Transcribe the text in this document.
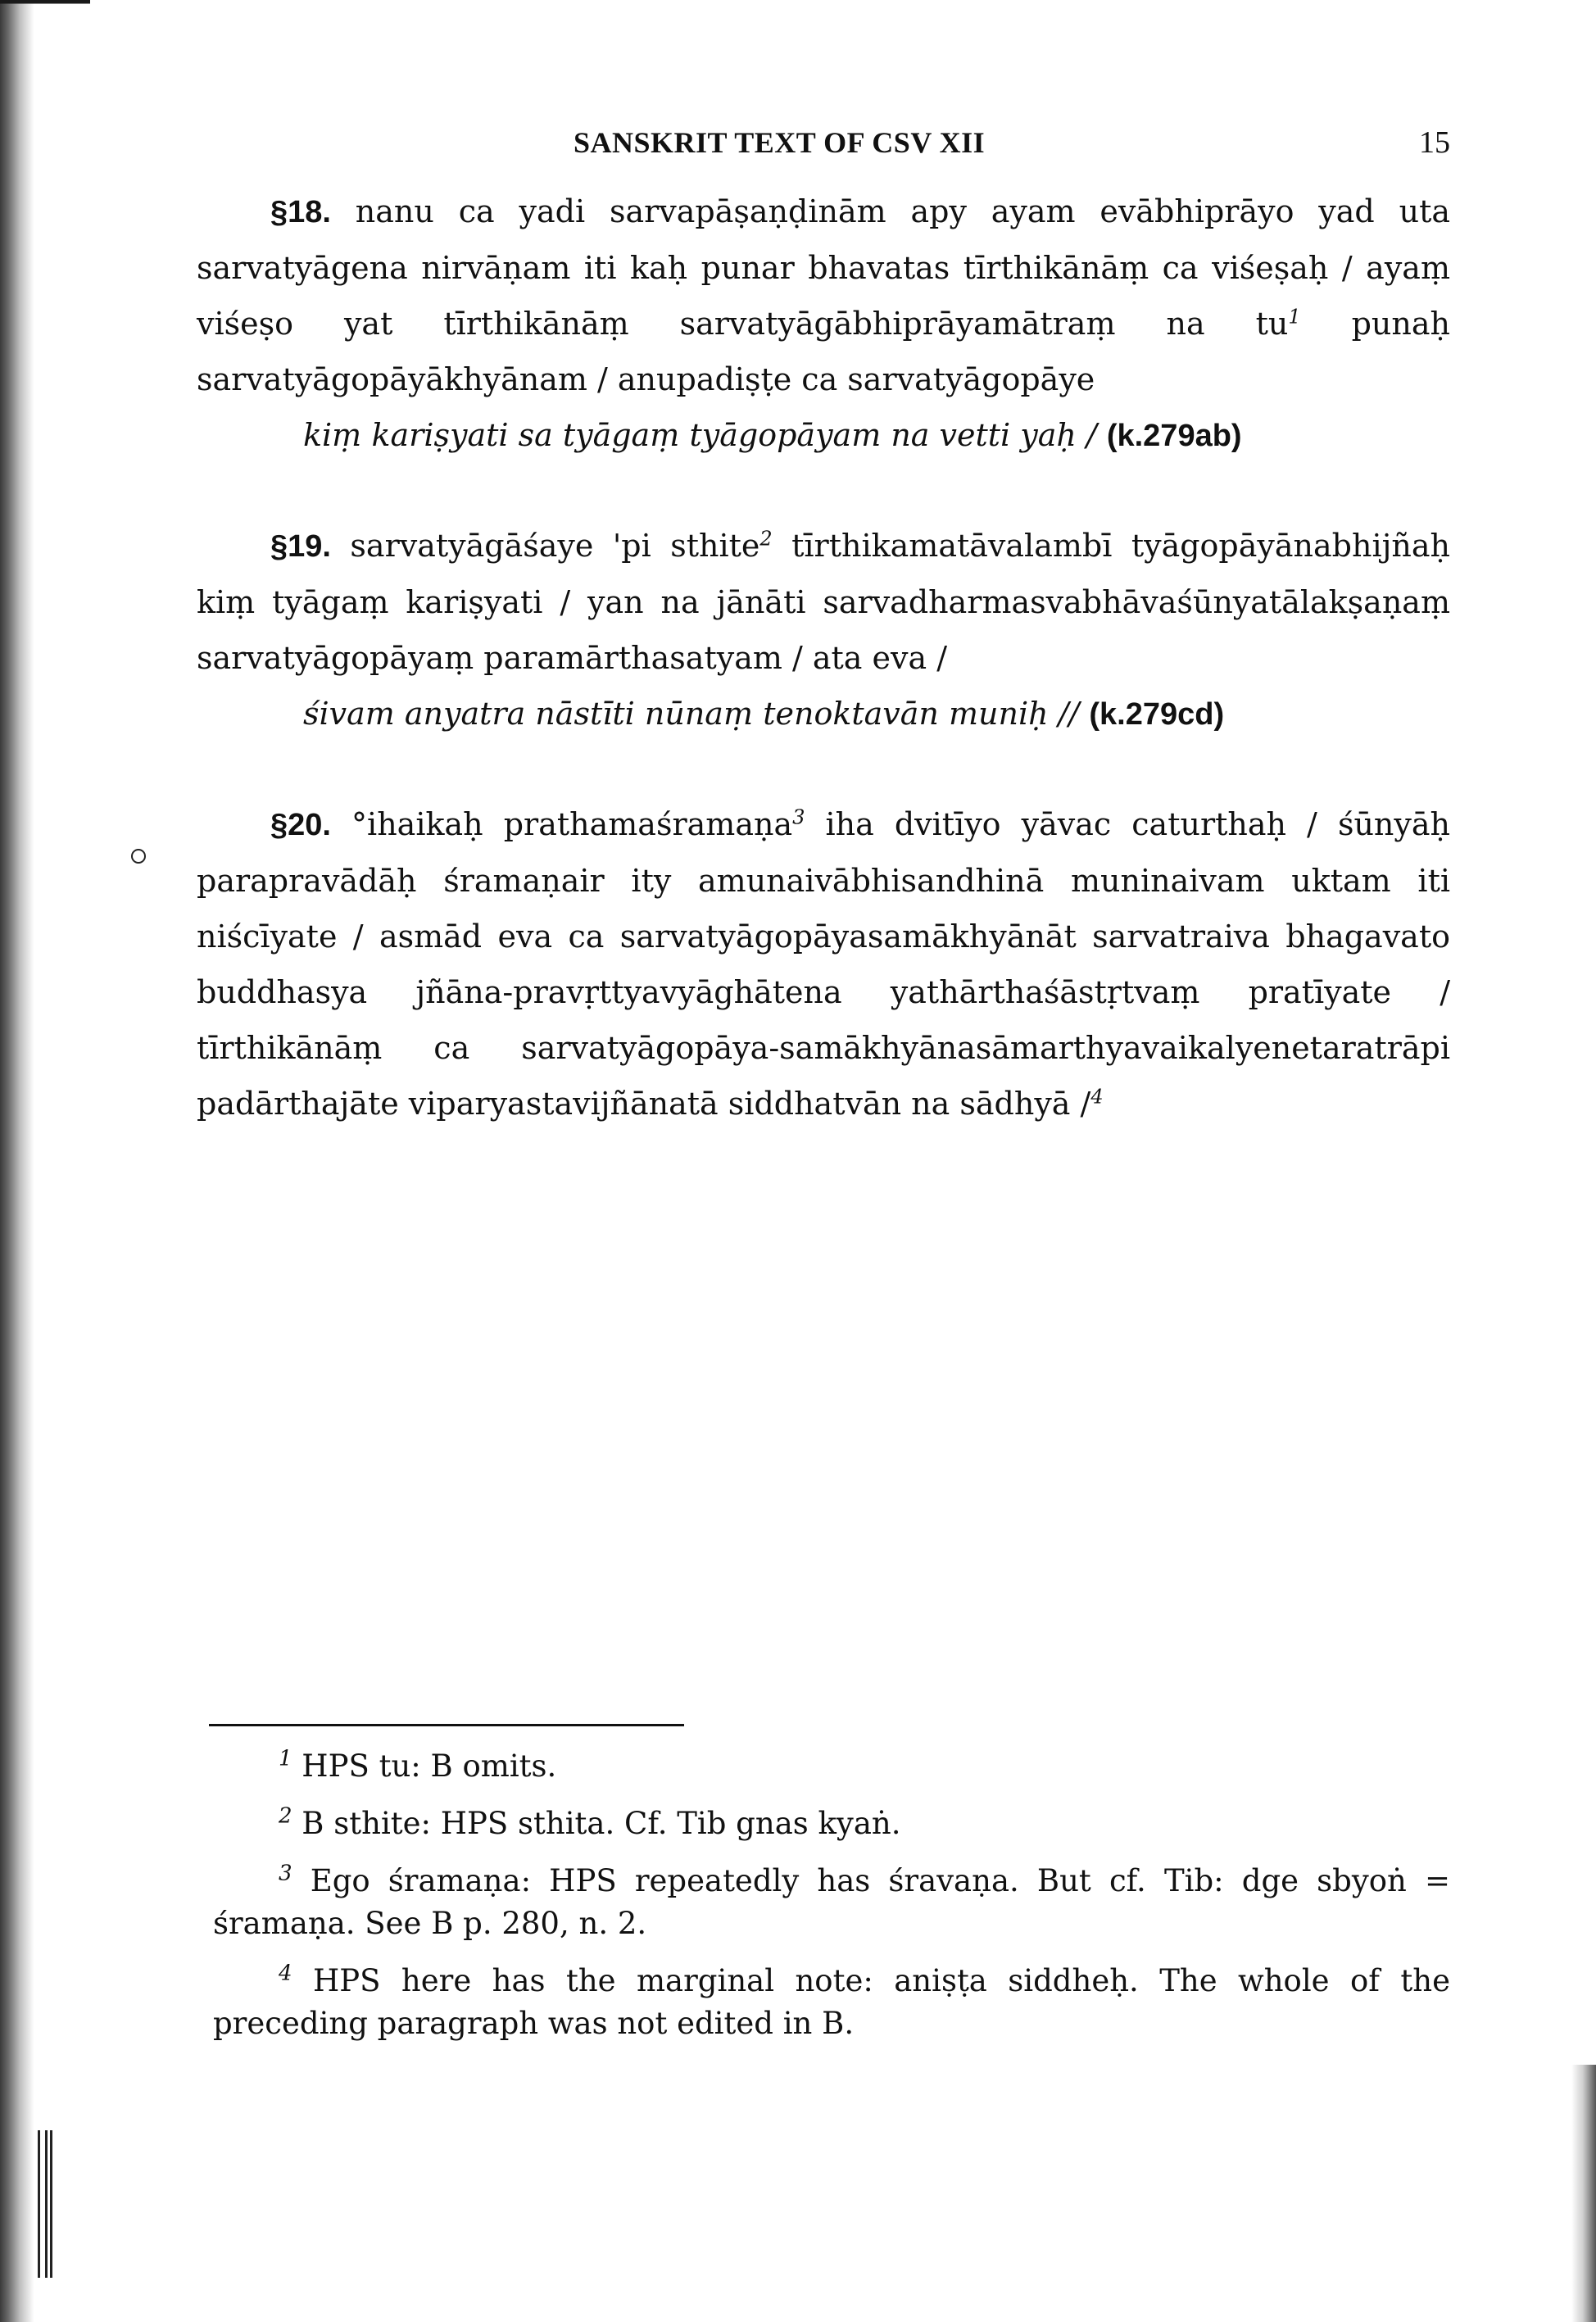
SANSKRIT TEXT OF CSV XII	15

§18. nanu ca yadi sarvapāṣaṇḍinām apy ayam evābhiprāyo yad uta sarvatyāgena nirvāṇam iti kaḥ punar bhavatas tīrthikānāṃ ca viśeṣaḥ / ayaṃ viśeṣo yat tīrthikānāṃ sarvatyāgābhiprāyamātraṃ na $tu^1$ punaḥ sarvatyāgopāyākhyānam / anupadiṣṭe ca sarvatyāgopāye

kiṃ kariṣyati sa tyāgaṃ tyāgopāyam na vetti yaḥ / (k.279ab)

§19. sarvatyāgāśaye 'pi sthite$^2$ tīrthikamatāvalambī tyāgopāyānabhijñaḥ kiṃ tyāgaṃ kariṣyati / yan na jānāti sarvadharmasvabhāvaśūnyatālakṣaṇaṃ sarvatyāgopāyaṃ paramārthasatyam / ata eva /

śivam anyatra nāstīti nūnaṃ tenoktavān muniḥ // (k.279cd)

§20. °ihaikaḥ prathamaśramaṇa$^3$ iha dvitīyo yāvac caturthaḥ / śūnyāḥ parapravādāḥ śramaṇair ity amunaivābhisandhinā muninaivam uktam iti niścīyate / asmād eva ca sarvatyāgopāyasamākhyānāt sarvatraiva bhagavato buddhasya jñāna-pravṛttyavyāghātena yathārthaśāstṛtvaṃ pratīyate / tīrthikānāṃ ca sarvatyāgopāya-samākhyānasāmarthyavaikalyenetaratrāpi padārthajāte viparyastavijñānatā siddhatvān na sādhyā /$^4$

$^1$ HPS tu: B omits.

$^2$ B sthite: HPS sthita. Cf. Tib gnas kyaṅ.

$^3$ Ego śramaṇa: HPS repeatedly has śravaṇa. But cf. Tib: dge sbyoṅ = śramaṇa. See B p. 280, n. 2.

$^4$ HPS here has the marginal note: aniṣṭa siddheḥ. The whole of the preceding paragraph was not edited in B.
